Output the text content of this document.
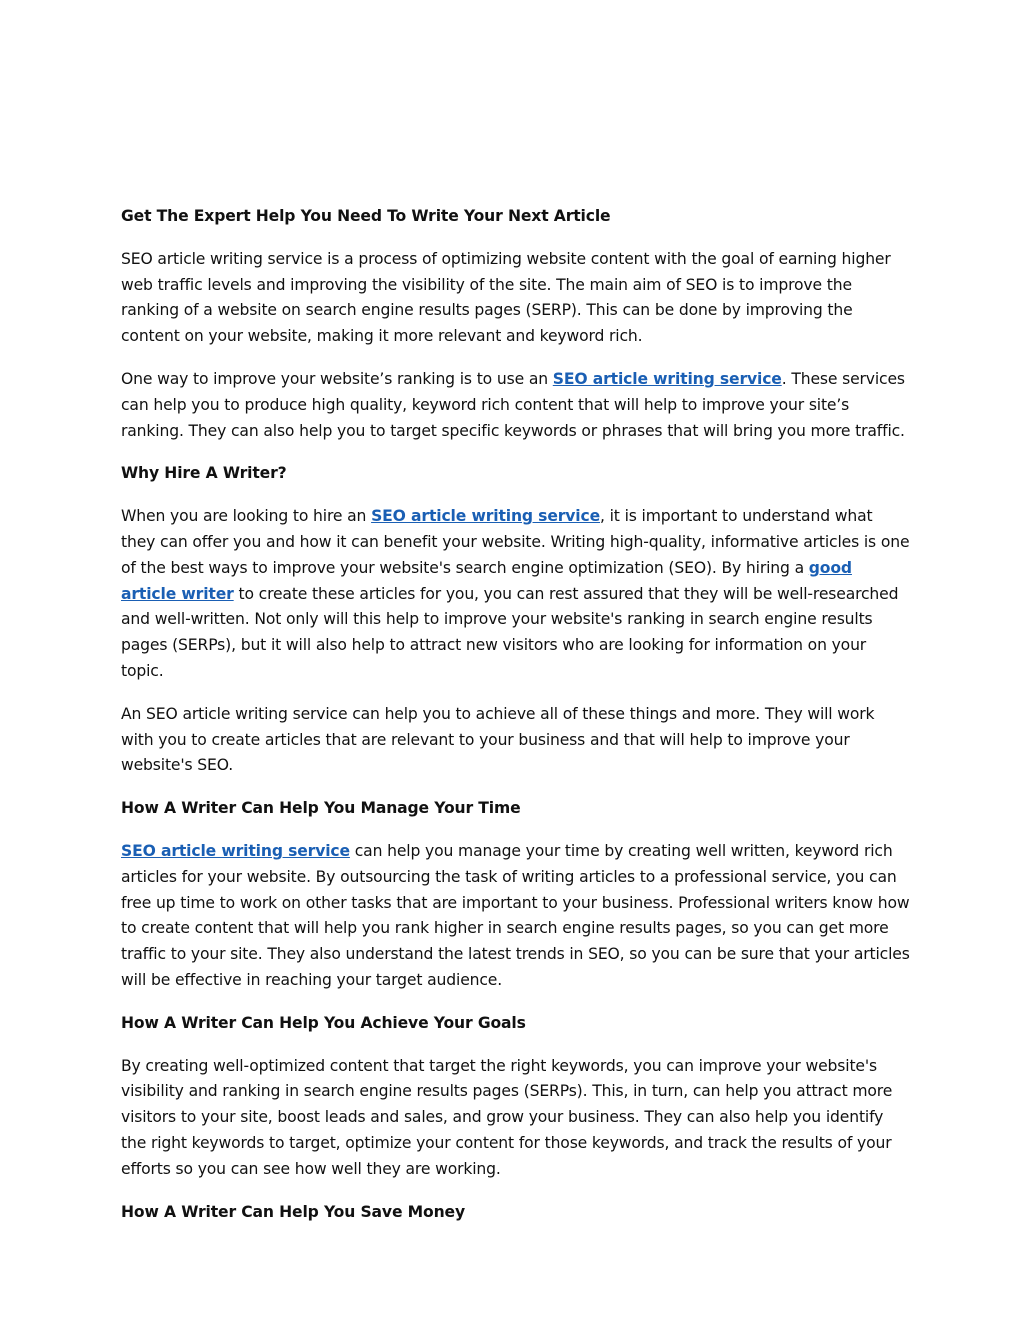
Get The Expert Help You Need To Write Your Next Article

SEO article writing service is a process of optimizing website content with the goal of earning higher web traffic levels and improving the visibility of the site. The main aim of SEO is to improve the ranking of a website on search engine results pages (SERP). This can be done by improving the content on your website, making it more relevant and keyword rich.

One way to improve your website’s ranking is to use an SEO article writing service. These services can help you to produce high quality, keyword rich content that will help to improve your site’s ranking. They can also help you to target specific keywords or phrases that will bring you more traffic.

Why Hire A Writer?

When you are looking to hire an SEO article writing service, it is important to understand what they can offer you and how it can benefit your website. Writing high-quality, informative articles is one of the best ways to improve your website's search engine optimization (SEO). By hiring a good article writer to create these articles for you, you can rest assured that they will be well-researched and well-written. Not only will this help to improve your website's ranking in search engine results pages (SERPs), but it will also help to attract new visitors who are looking for information on your topic.

An SEO article writing service can help you to achieve all of these things and more. They will work with you to create articles that are relevant to your business and that will help to improve your website's SEO.

How A Writer Can Help You Manage Your Time

SEO article writing service can help you manage your time by creating well written, keyword rich articles for your website. By outsourcing the task of writing articles to a professional service, you can free up time to work on other tasks that are important to your business. Professional writers know how to create content that will help you rank higher in search engine results pages, so you can get more traffic to your site. They also understand the latest trends in SEO, so you can be sure that your articles will be effective in reaching your target audience.

How A Writer Can Help You Achieve Your Goals

By creating well-optimized content that target the right keywords, you can improve your website's visibility and ranking in search engine results pages (SERPs). This, in turn, can help you attract more visitors to your site, boost leads and sales, and grow your business. They can also help you identify the right keywords to target, optimize your content for those keywords, and track the results of your efforts so you can see how well they are working.

How A Writer Can Help You Save Money
